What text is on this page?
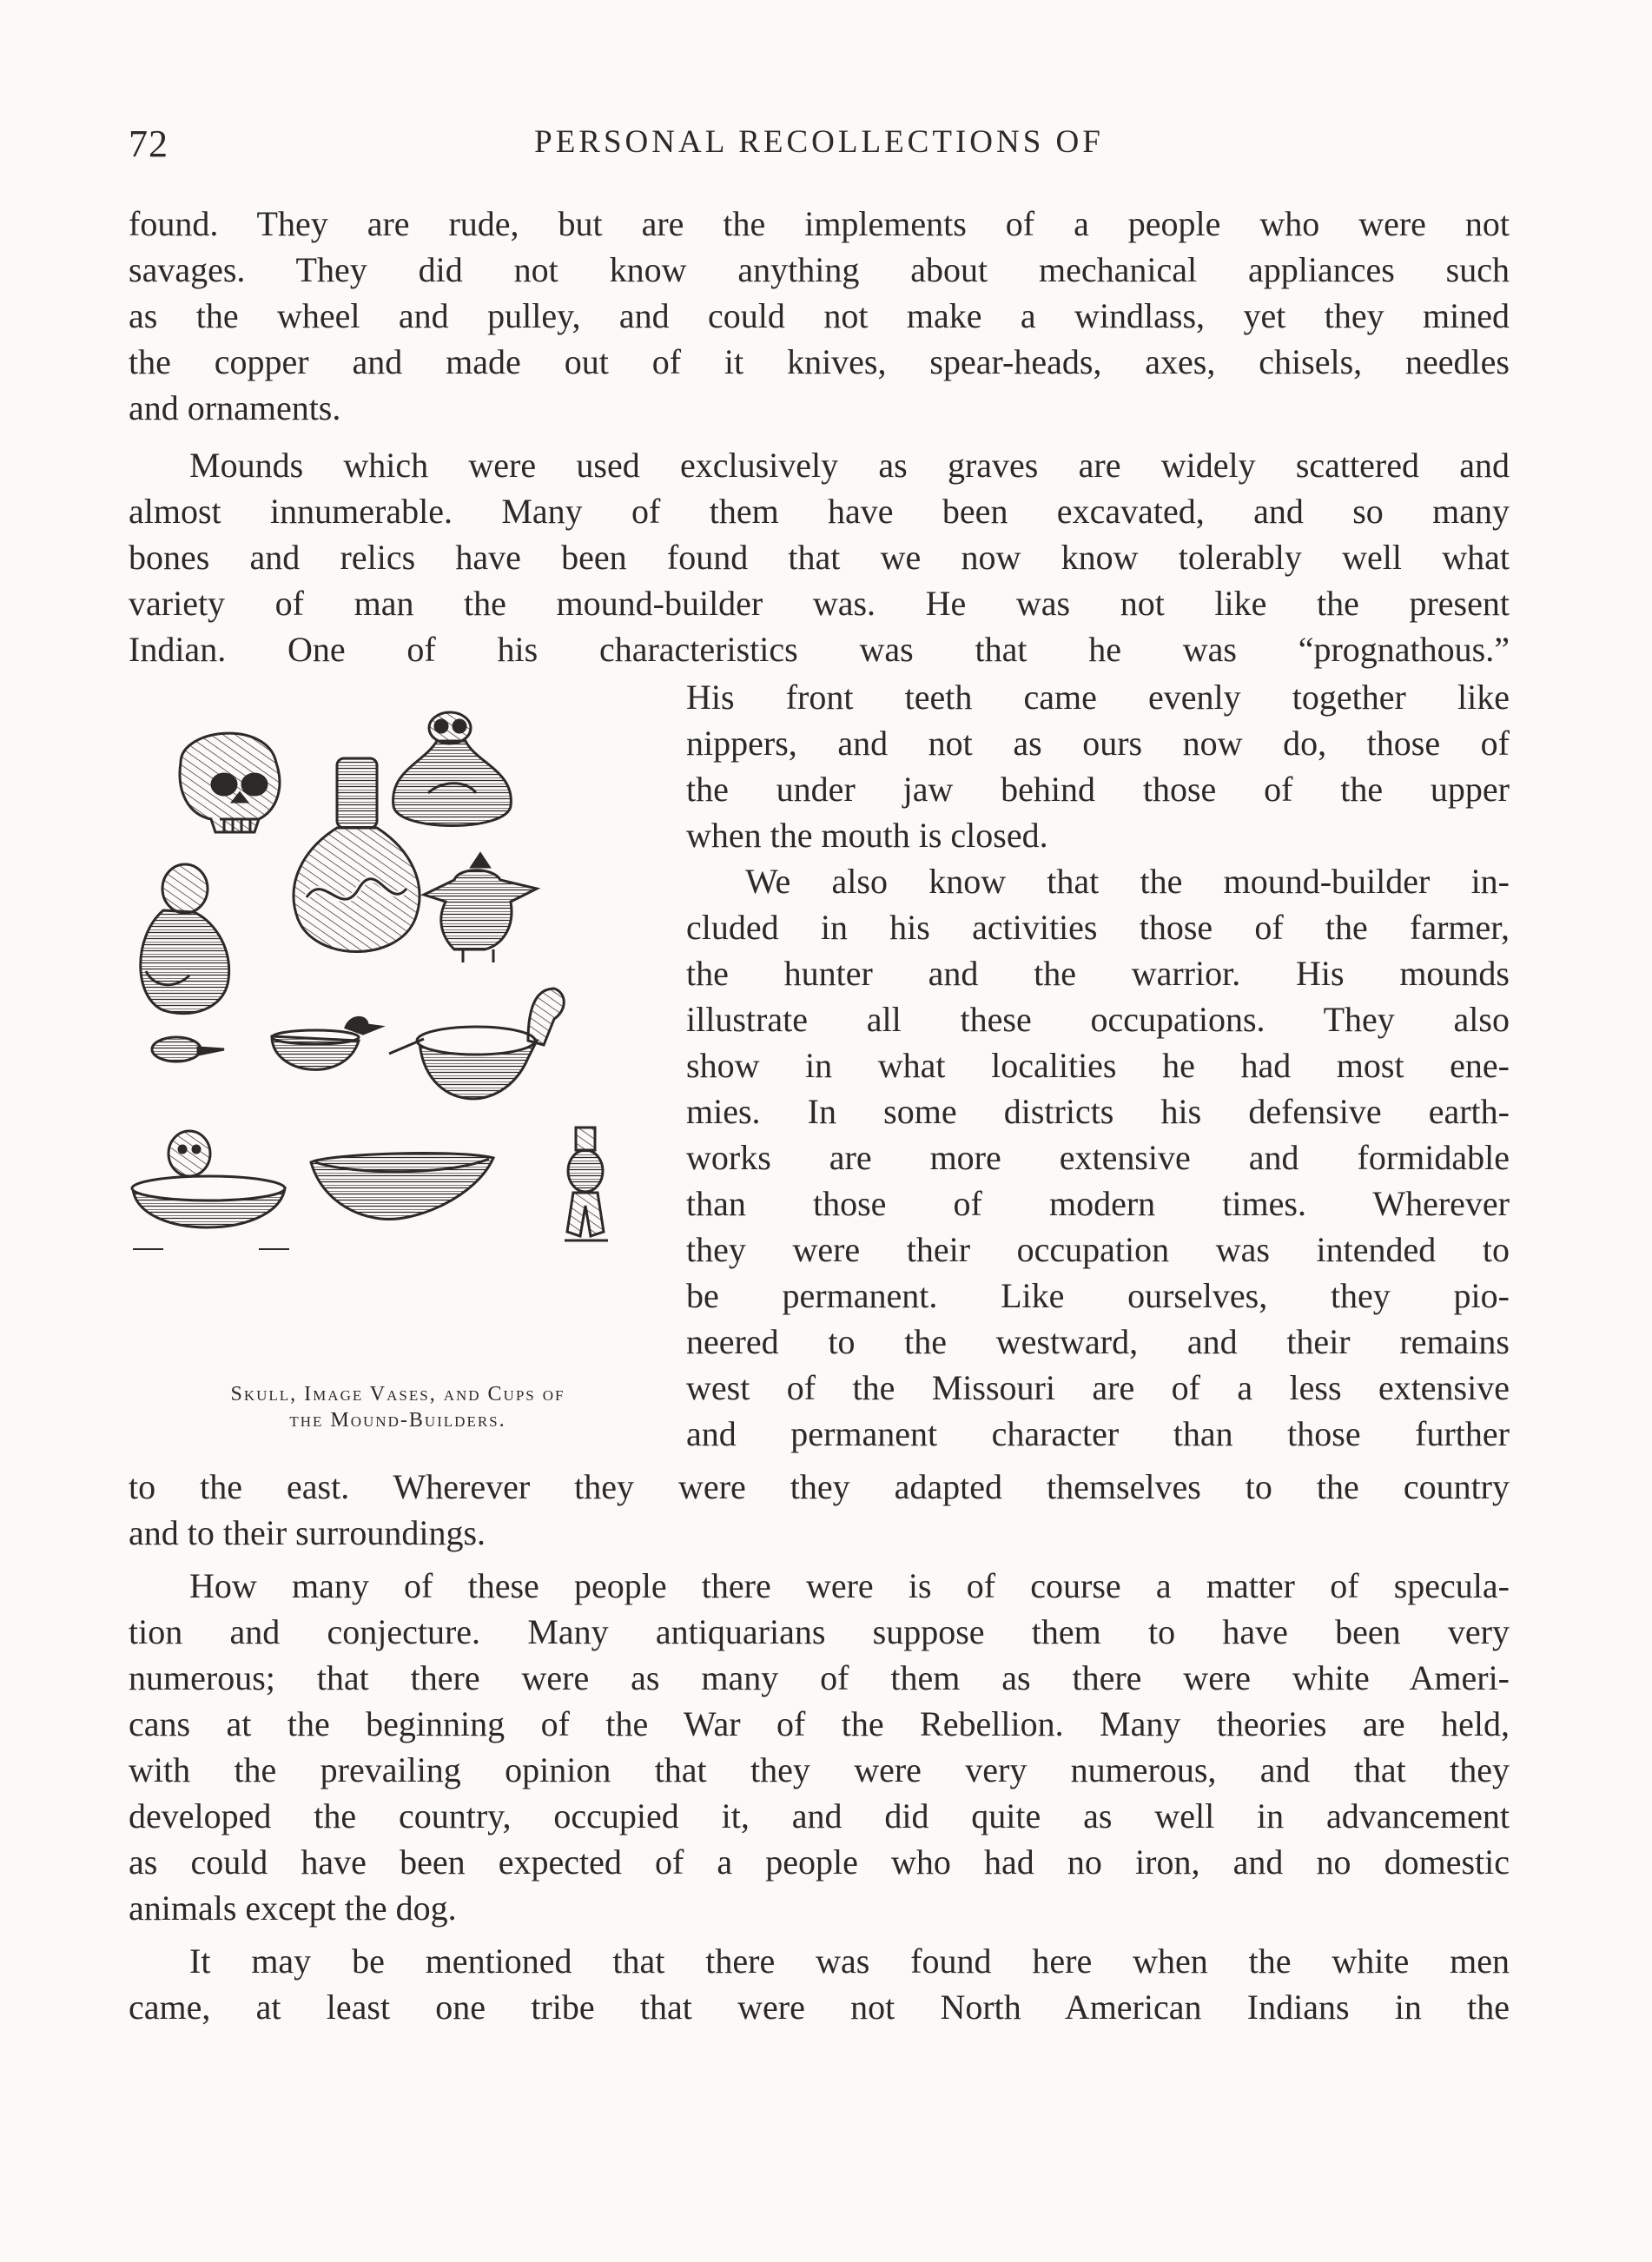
72	PERSONAL RECOLLECTIONS OF
found. They are rude, but are the implements of a people who were not
savages. They did not know anything about mechanical appliances such
as the wheel and pulley, and could not make a windlass, yet they mined
the copper and made out of it knives, spear-heads, axes, chisels, needles
and ornaments.
Mounds which were used exclusively as graves are widely scattered and
almost innumerable. Many of them have been excavated, and so many
bones and relics have been found that we now know tolerably well what
variety of man the mound-builder was. He was not like the present
Indian. One of his characteristics was that he was “prognathous.”
His front teeth came evenly together like
nippers, and not as ours now do, those of
the under jaw behind those of the upper
when the mouth is closed.
We also know that the mound-builder in-
cluded in his activities those of the farmer,
the hunter and the warrior. His mounds
illustrate all these occupations. They also
show in what localities he had most ene-
mies. In some districts his defensive earth-
works are more extensive and formidable
than those of modern times. Wherever
they were their occupation was intended to
be permanent. Like ourselves, they pio-
neered to the westward, and their remains
west of the Missouri are of a less extensive
and permanent character than those further
to the east. Wherever they were they adapted themselves to the country
and to their surroundings.
How many of these people there were is of course a matter of specula-
tion and conjecture. Many antiquarians suppose them to have been very
numerous; that there were as many of them as there were white Ameri-
cans at the beginning of the War of the Rebellion. Many theories are held,
with the prevailing opinion that they were very numerous, and that they
developed the country, occupied it, and did quite as well in advancement
as could have been expected of a people who had no iron, and no domestic
animals except the dog.
It may be mentioned that there was found here when the white men
came, at least one tribe that were not North American Indians in the
Skull, Image Vases, and Cups of
the Mound-Builders.
